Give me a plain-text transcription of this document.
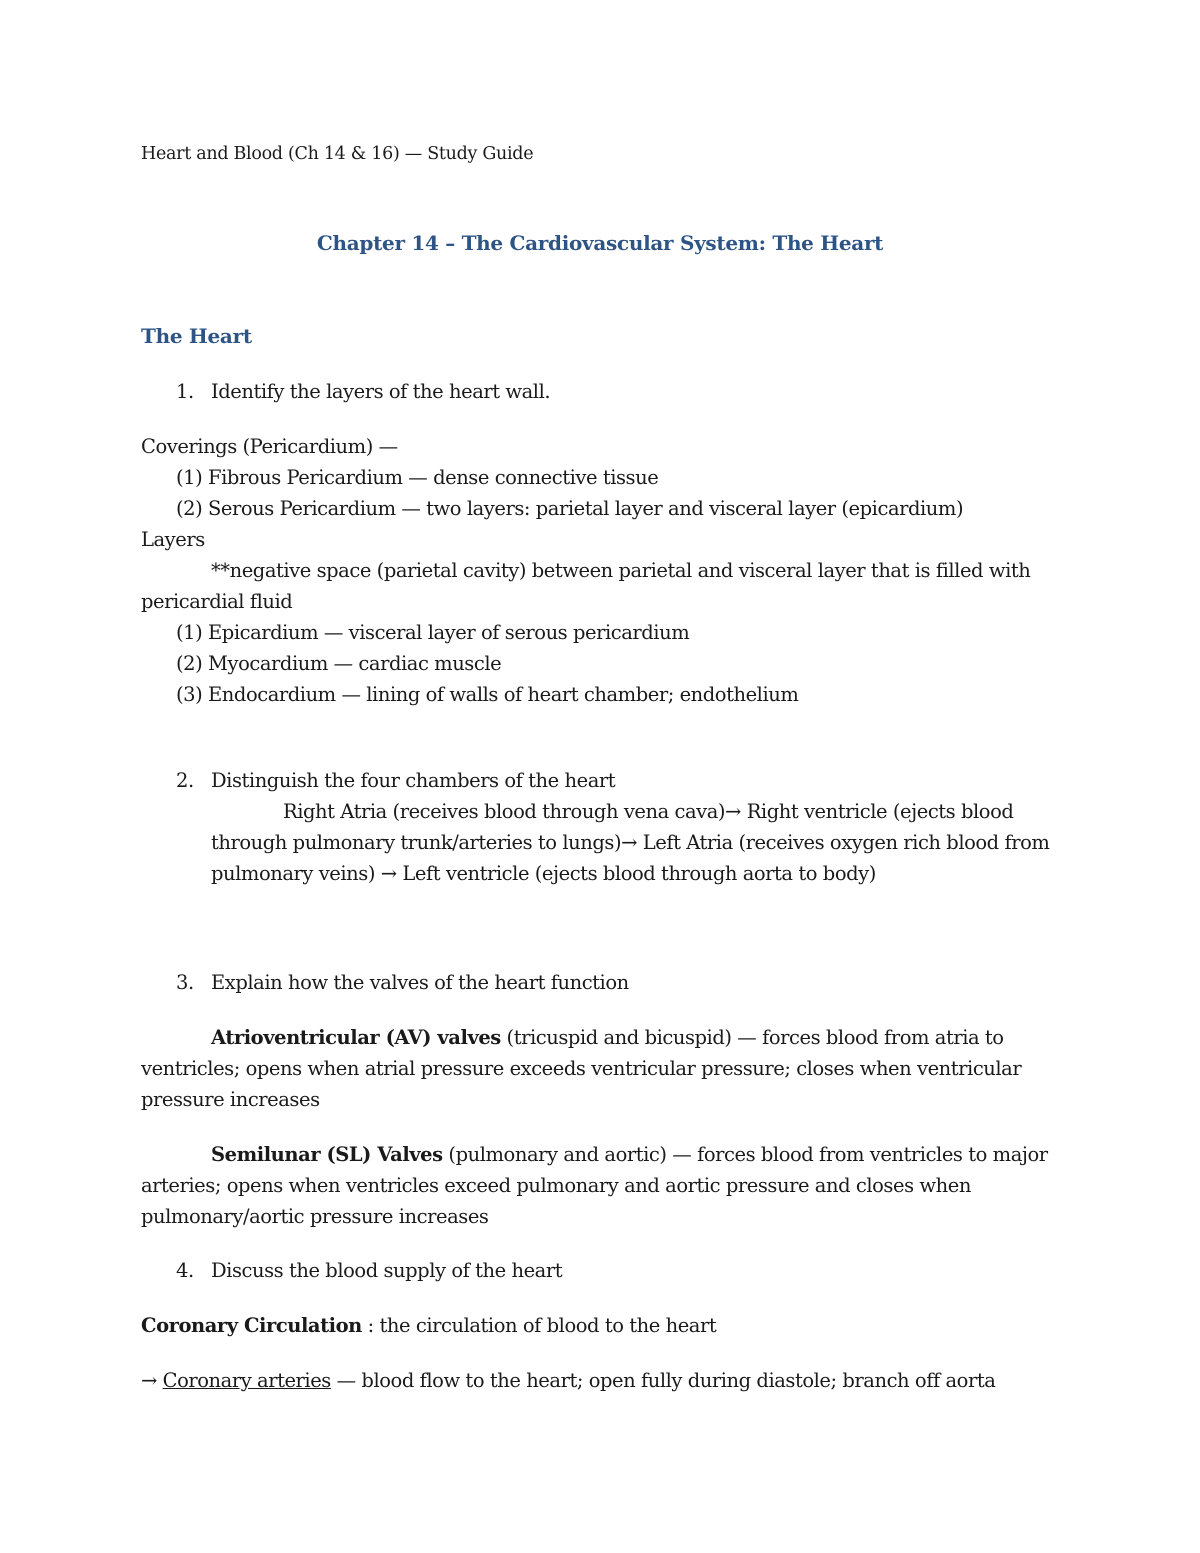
Heart and Blood (Ch 14 & 16) — Study Guide
Chapter 14 – The Cardiovascular System: The Heart
The Heart
1. Identify the layers of the heart wall.
Coverings (Pericardium) —
(1) Fibrous Pericardium — dense connective tissue
(2) Serous Pericardium — two layers: parietal layer and visceral layer (epicardium)
Layers
**negative space (parietal cavity) between parietal and visceral layer that is filled with
pericardial fluid
(1) Epicardium — visceral layer of serous pericardium
(2) Myocardium — cardiac muscle
(3) Endocardium — lining of walls of heart chamber; endothelium
2. Distinguish the four chambers of the heart
Right Atria (receives blood through vena cava)→ Right ventricle (ejects blood
through pulmonary trunk/arteries to lungs)→ Left Atria (receives oxygen rich blood from
pulmonary veins) → Left ventricle (ejects blood through aorta to body)
3. Explain how the valves of the heart function
Atrioventricular (AV) valves (tricuspid and bicuspid) — forces blood from atria to
ventricles; opens when atrial pressure exceeds ventricular pressure; closes when ventricular
pressure increases
Semilunar (SL) Valves (pulmonary and aortic) — forces blood from ventricles to major
arteries; opens when ventricles exceed pulmonary and aortic pressure and closes when
pulmonary/aortic pressure increases
4. Discuss the blood supply of the heart
Coronary Circulation : the circulation of blood to the heart
→ Coronary arteries — blood flow to the heart; open fully during diastole; branch off aorta
